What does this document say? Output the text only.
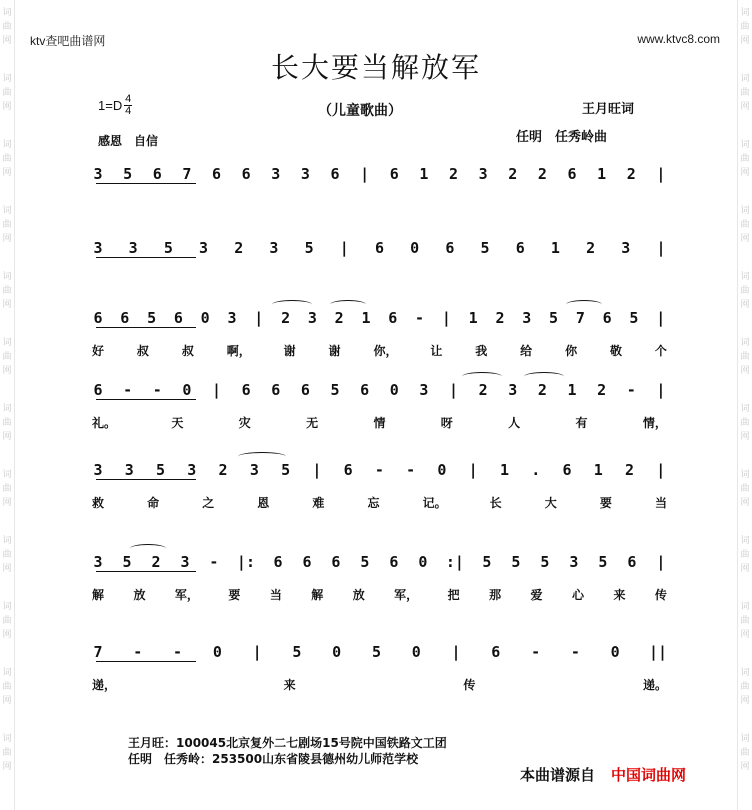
词
曲
网
词
曲
网
词
曲
网
词
曲
网
词
曲
网
词
曲
网
词
曲
网
词
曲
网
词
曲
网
词
曲
网
词
曲
网
词
曲
网
词
曲
网
词
曲
网
词
曲
网
词
曲
网
词
曲
网
词
曲
网
词
曲
网
词
曲
网
词
曲
网
词
曲
网
词
曲
网
词
曲
网
ktv查吧曲谱网	www.ktvc8.com
长大要当解放军
$1=D \frac{4}{4}$	（儿童歌曲）	王月旺词
任明　任秀岭曲
感恩　自信
3 5 6 7 6 6 3 3 6 | 6 1 2 3 2 2 6 1 2 |
3 3 5 3 2 3 5 | 6 0 6 5 6 1 2 3 |
6 6 5 6 0 3 | 2 3 2 1 6 - | 1 2 3 5 7 6 5 |
好	叔	叔	啊，	谢	谢	你，	让	我	给	你	敬	个
6 - - 0 | 6 6 6 5 6 0 3 | 2 3 2 1 2 - |
礼。	天	灾	无	情	呀	人	有	情，
3 3 5 3 2 3 5 | 6 - - 0 | 1 . 6 1 2 |
救	命	之	恩	难	忘	记。	长	大	要	当
3 5 2 3 - |: 6 6 6 5 6 0 :| 5 5 5 3 5 6 |
解 放 军， 要 当 解 放 军， 把 那 爱 心 来 传
7 - - 0 | 5 0 5 0 | 6 - - 0 ||
递，	来	传	递。
王月旺：100045北京复外二七剧场15号院中国铁路文工团
任明　任秀岭：253500山东省陵县德州幼儿师范学校
本曲谱源自 中国词曲网
